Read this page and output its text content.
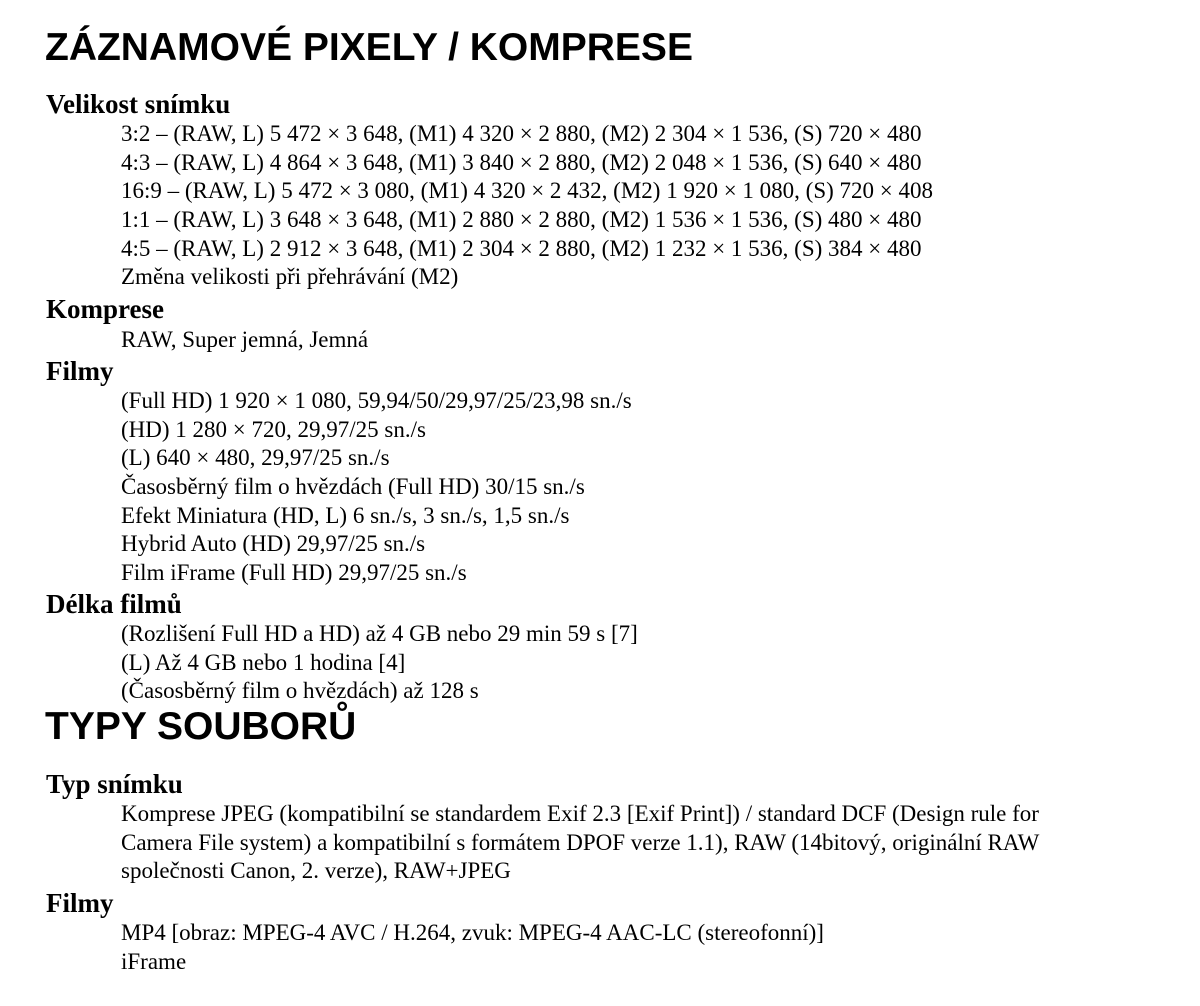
ZÁZNAMOVÉ PIXELY / KOMPRESE
Velikost snímku

3:2 – (RAW, L) 5 472 × 3 648, (M1) 4 320 × 2 880, (M2) 2 304 × 1 536, (S) 720 × 480

4:3 – (RAW, L) 4 864 × 3 648, (M1) 3 840 × 2 880, (M2) 2 048 × 1 536, (S) 640 × 480

16:9 – (RAW, L) 5 472 × 3 080, (M1) 4 320 × 2 432, (M2) 1 920 × 1 080, (S) 720 × 408

1:1 – (RAW, L) 3 648 × 3 648, (M1) 2 880 × 2 880, (M2) 1 536 × 1 536, (S) 480 × 480

4:5 – (RAW, L) 2 912 × 3 648, (M1) 2 304 × 2 880, (M2) 1 232 × 1 536, (S) 384 × 480

Změna velikosti při přehrávání (M2)

Komprese

RAW, Super jemná, Jemná

Filmy

(Full HD) 1 920 × 1 080, 59,94/50/29,97/25/23,98 sn./s

(HD) 1 280 × 720, 29,97/25 sn./s

(L) 640 × 480, 29,97/25 sn./s

Časosběrný film o hvězdách (Full HD) 30/15 sn./s

Efekt Miniatura (HD, L) 6 sn./s, 3 sn./s, 1,5 sn./s

Hybrid Auto (HD) 29,97/25 sn./s

Film iFrame (Full HD) 29,97/25 sn./s

Délka filmů

(Rozlišení Full HD a HD) až 4 GB nebo 29 min 59 s [7]

(L) Až 4 GB nebo 1 hodina [4]

(Časosběrný film o hvězdách) až 128 s

TYPY SOUBORŮ
Typ snímku
Komprese JPEG (kompatibilní se standardem Exif 2.3 [Exif Print]) / standard DCF (Design rule for
Camera File system) a kompatibilní s formátem DPOF verze 1.1), RAW (14bitový, originální RAW
společnosti Canon, 2. verze), RAW+JPEG
Filmy

MP4 [obraz: MPEG-4 AVC / H.264, zvuk: MPEG-4 AAC-LC (stereofonní)]

iFrame
